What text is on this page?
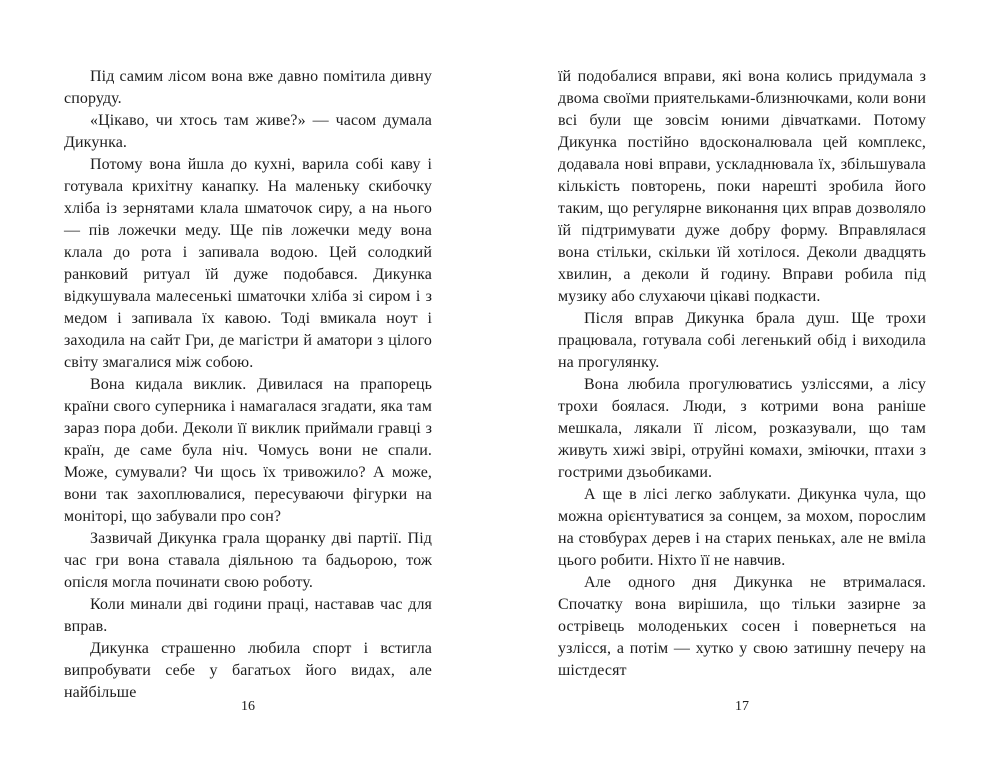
Під самим лісом вона вже давно помітила дивну споруду.

«Цікаво, чи хтось там живе?» — часом думала Дикунка.

Потому вона йшла до кухні, варила собі каву і готувала крихітну канапку. На маленьку скибочку хліба із зернятами клала шматочок сиру, а на нього — пів ложечки меду. Ще пів ложечки меду вона клала до рота і запивала водою. Цей солодкий ранковий ритуал їй дуже подобався. Дикунка відкушувала малесенькі шматочки хліба зі сиром і з медом і запивала їх кавою. Тоді вмикала ноут і заходила на сайт Гри, де магістри й аматори з цілого світу змагалися між собою.

Вона кидала виклик. Дивилася на прапорець країни свого суперника і намагалася згадати, яка там зараз пора доби. Деколи її виклик приймали гравці з країн, де саме була ніч. Чомусь вони не спали. Може, сумували? Чи щось їх тривожило? А може, вони так захоплювалися, пересуваючи фігурки на моніторі, що забували про сон?

Зазвичай Дикунка грала щоранку дві партії. Під час гри вона ставала діяльною та бадьорою, тож опісля могла починати свою роботу.

Коли минали дві години праці, наставав час для вправ.

Дикунка страшенно любила спорт і встигла випробувати себе у багатьох його видах, але найбільше

їй подобалися вправи, які вона колись придумала з двома своїми приятельками-близнючками, коли вони всі були ще зовсім юними дівчатками. Потому Дикунка постійно вдосконалювала цей комплекс, додавала нові вправи, ускладнювала їх, збільшувала кількість повторень, поки нарешті зробила його таким, що регулярне виконання цих вправ дозволяло їй підтримувати дуже добру форму. Вправлялася вона стільки, скільки їй хотілося. Деколи двадцять хвилин, а деколи й годину. Вправи робила під музику або слухаючи цікаві подкасти.

Після вправ Дикунка брала душ. Ще трохи працювала, готувала собі легенький обід і виходила на прогулянку.

Вона любила прогулюватись узліссями, а лісу трохи боялася. Люди, з котрими вона раніше мешкала, лякали її лісом, розказували, що там живуть хижі звірі, отруйні комахи, зміючки, птахи з гострими дзьобиками.

А ще в лісі легко заблукати. Дикунка чула, що можна орієнтуватися за сонцем, за мохом, порослим на стовбурах дерев і на старих пеньках, але не вміла цього робити. Ніхто її не навчив.

Але одного дня Дикунка не втрималася. Спочатку вона вирішила, що тільки зазирне за острівець молоденьких сосен і повернеться на узлісся, а потім — хутко у свою затишну печеру на шістдесят

16	17
